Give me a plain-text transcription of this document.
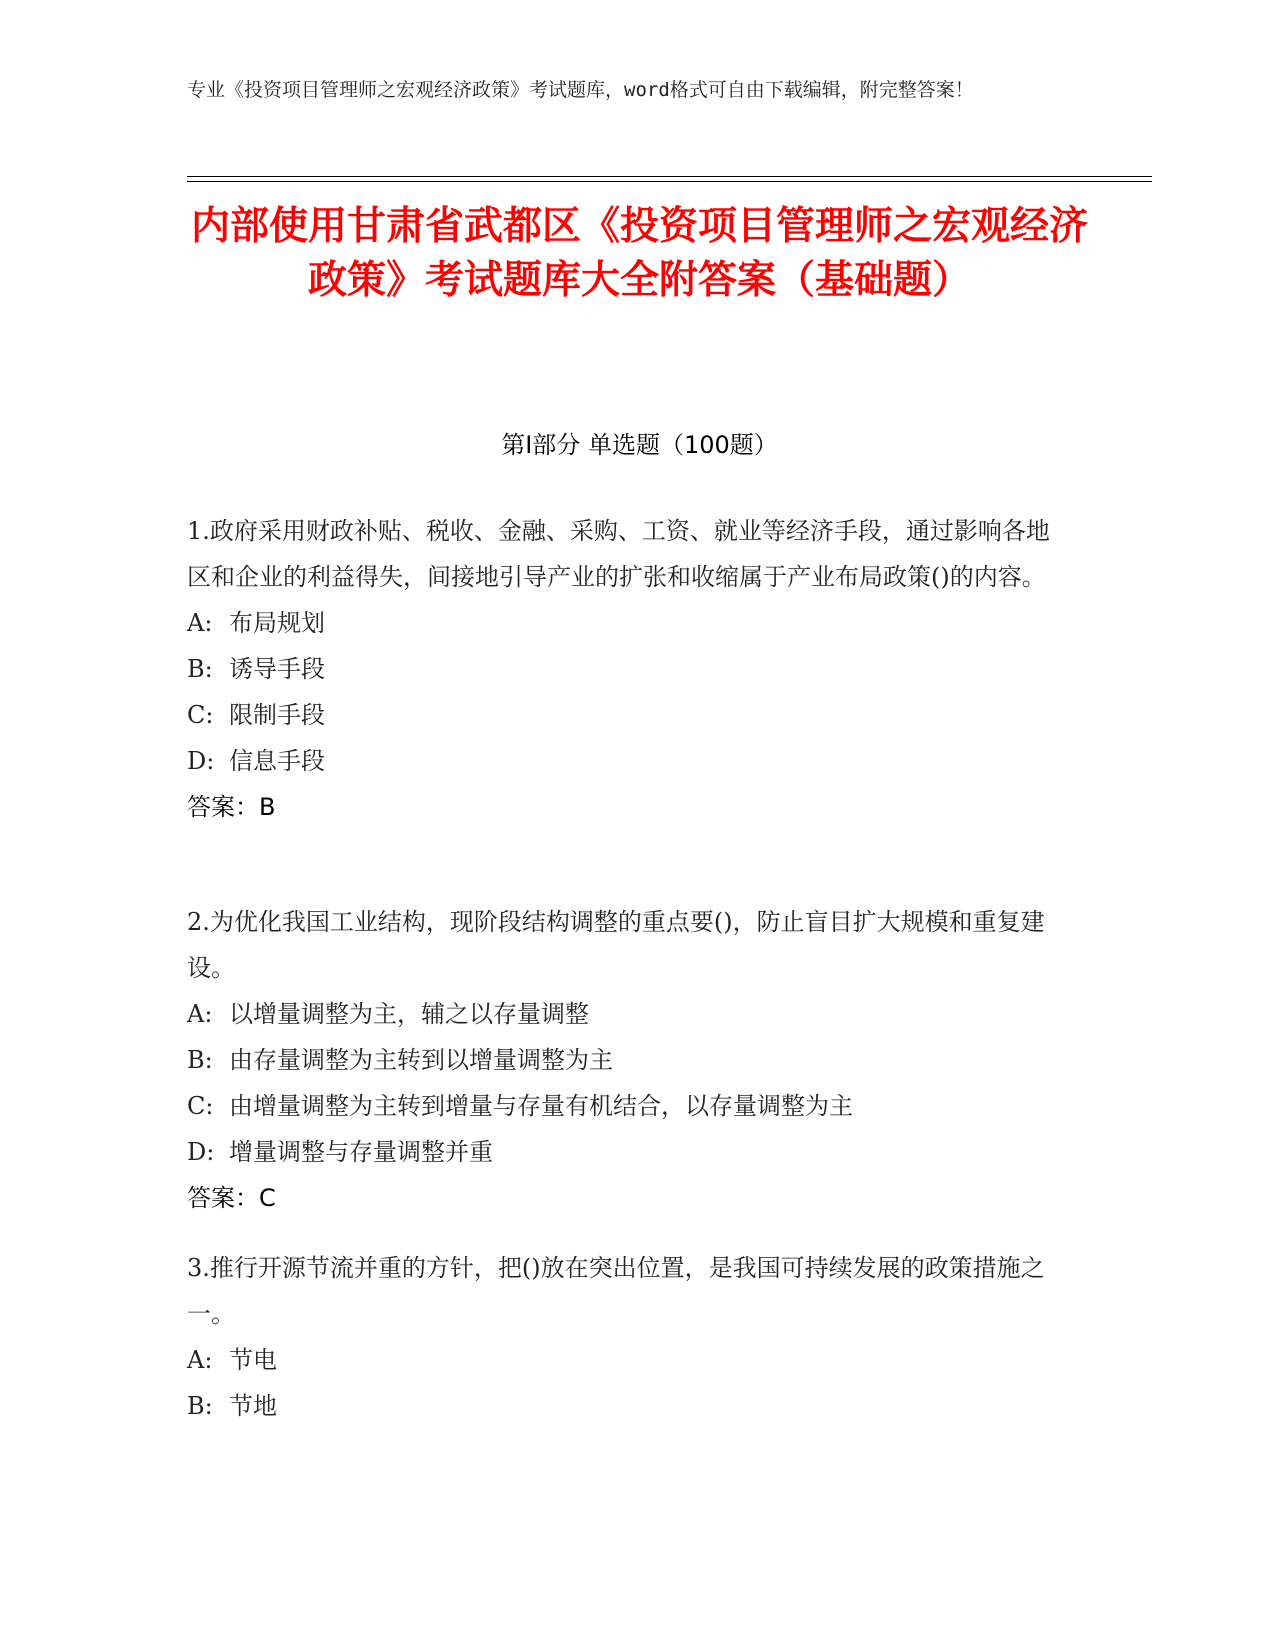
专业《投资项目管理师之宏观经济政策》考试题库，word格式可自由下载编辑，附完整答案！
内部使用甘肃省武都区《投资项目管理师之宏观经济政策》考试题库大全附答案（基础题）
第Ⅰ部分 单选题（100题）
1.政府采用财政补贴、税收、金融、采购、工资、就业等经济手段，通过影响各地区和企业的利益得失，间接地引导产业的扩张和收缩属于产业布局政策()的内容。
A: 布局规划
B: 诱导手段
C: 限制手段
D: 信息手段
答案：B
2.为优化我国工业结构，现阶段结构调整的重点要()，防止盲目扩大规模和重复建设。
A: 以增量调整为主，辅之以存量调整
B: 由存量调整为主转到以增量调整为主
C: 由增量调整为主转到增量与存量有机结合，以存量调整为主
D: 增量调整与存量调整并重
答案：C
3.推行开源节流并重的方针，把()放在突出位置，是我国可持续发展的政策措施之一。
A: 节电
B: 节地
